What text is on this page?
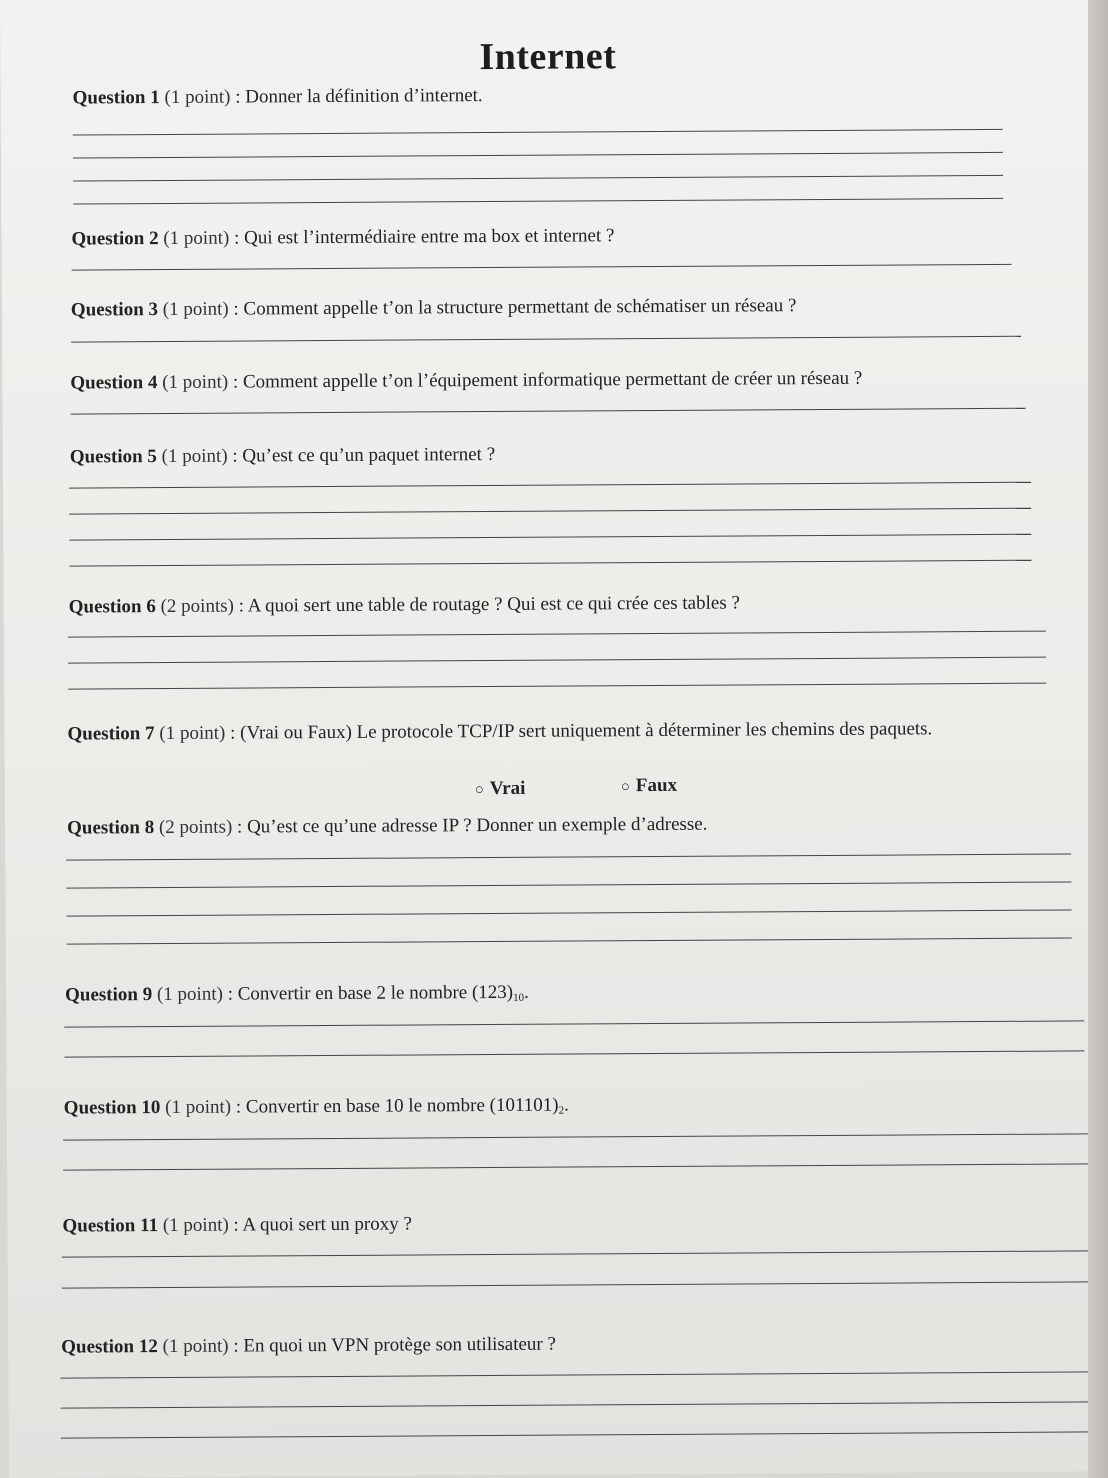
Internet
Question 1 (1 point) : Donner la définition d’internet.
Question 2 (1 point) : Qui est l’intermédiaire entre ma box et internet ?
Question 3 (1 point) : Comment appelle t’on la structure permettant de schématiser un réseau ?
Question 4 (1 point) : Comment appelle t’on l’équipement informatique permettant de créer un réseau ?
Question 5 (1 point) : Qu’est ce qu’un paquet internet ?
Question 6 (2 points) : A quoi sert une table de routage ? Qui est ce qui crée ces tables ?
Question 7 (1 point) : (Vrai ou Faux) Le protocole TCP/IP sert uniquement à déterminer les chemins des paquets.
○ Vrai	○ Faux
Question 8 (2 points) : Qu’est ce qu’une adresse IP ? Donner un exemple d’adresse.
Question 9 (1 point) : Convertir en base 2 le nombre $(123)_{10}$.
Question 10 (1 point) : Convertir en base 10 le nombre $(101101)_2$.
Question 11 (1 point) : A quoi sert un proxy ?
Question 12 (1 point) : En quoi un VPN protège son utilisateur ?
